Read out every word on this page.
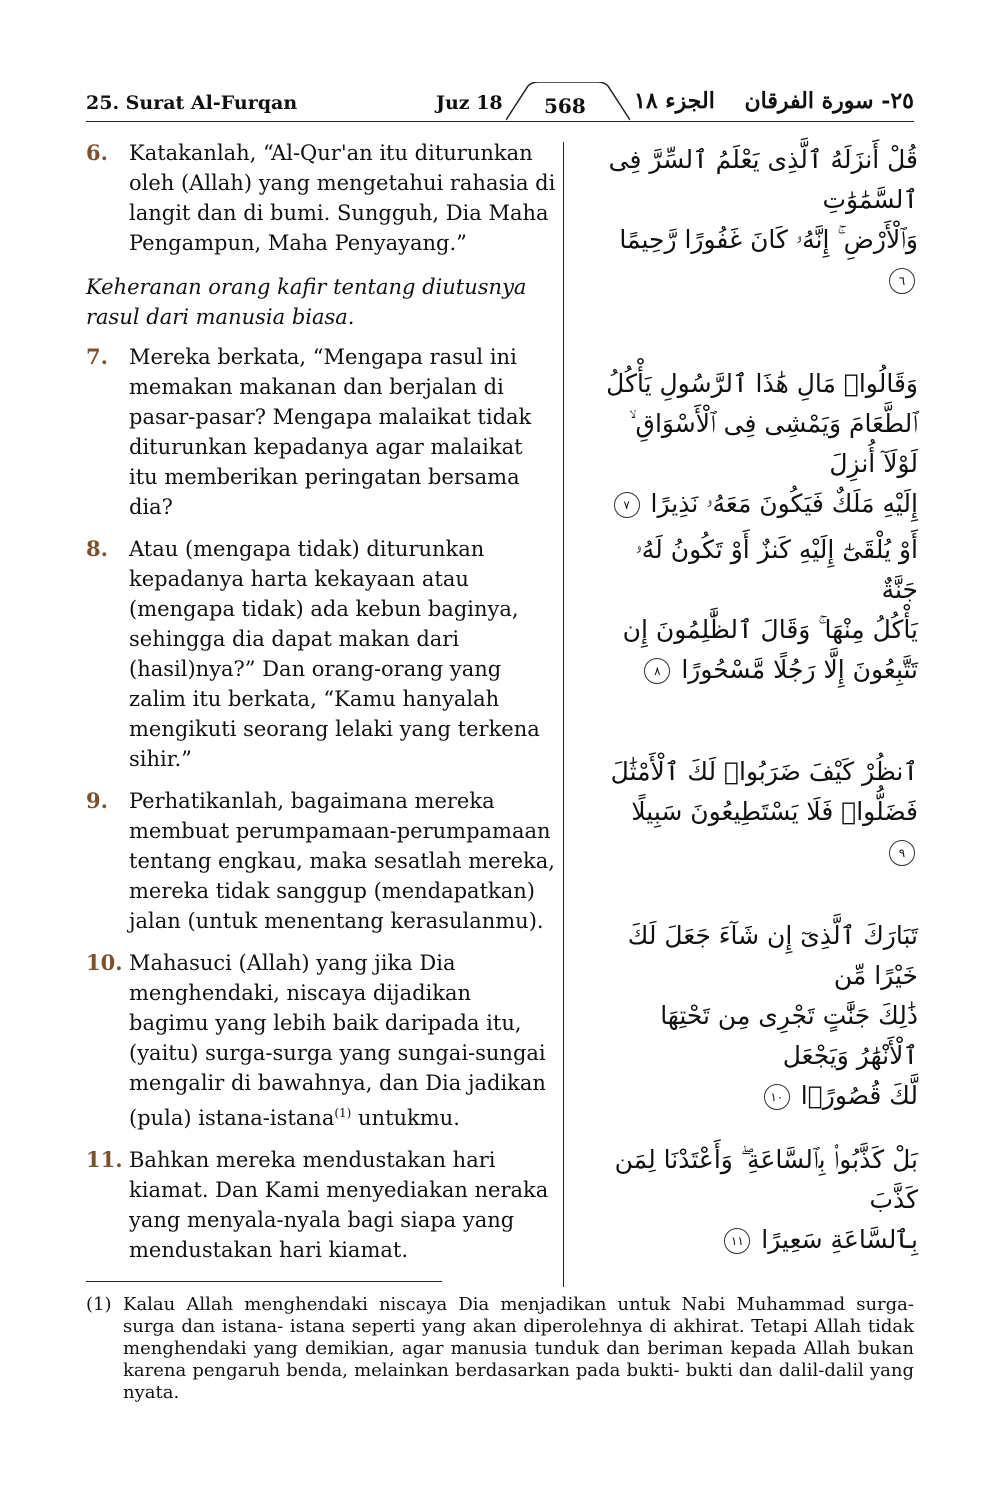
25. Surat Al-Furqan	Juz 18 568 الجزء ١٨ ٢٥- سورة الفرقان
6. Katakanlah, “Al-Qur'an itu diturunkan oleh (Allah) yang mengetahui rahasia di langit dan di bumi. Sungguh, Dia Maha Pengampun, Maha Penyayang.”
Keheranan orang kafir tentang diutusnya rasul dari manusia biasa.
7. Mereka berkata, “Mengapa rasul ini memakan makanan dan berjalan di pasar-pasar? Mengapa malaikat tidak diturunkan kepadanya agar malaikat itu memberikan peringatan bersama dia?
8. Atau (mengapa tidak) diturunkan kepadanya harta kekayaan atau (mengapa tidak) ada kebun baginya, sehingga dia dapat makan dari (hasil)nya?” Dan orang-orang yang zalim itu berkata, “Kamu hanyalah mengikuti seorang lelaki yang terkena sihir.”
9. Perhatikanlah, bagaimana mereka membuat perumpamaan-perumpamaan tentang engkau, maka sesatlah mereka, mereka tidak sanggup (mendapatkan) jalan (untuk menentang kerasulanmu).
10. Mahasuci (Allah) yang jika Dia menghendaki, niscaya dijadikan bagimu yang lebih baik daripada itu, (yaitu) surga-surga yang sungai-sungai mengalir di bawahnya, dan Dia jadikan (pula) istana-istana$^{(1)}$ untukmu.
11. Bahkan mereka mendustakan hari kiamat. Dan Kami menyediakan neraka yang menyala-nyala bagi siapa yang mendustakan hari kiamat.
قُلْ أَنزَلَهُ ٱلَّذِى يَعْلَمُ ٱلسِّرَّ فِى ٱلسَّمَٰوَٰتِ
وَٱلْأَرْضِ ۚ إِنَّهُۥ كَانَ غَفُورًا رَّحِيمًا ٦
وَقَالُوا۟ مَالِ هَٰذَا ٱلرَّسُولِ يَأْكُلُ
ٱلطَّعَامَ وَيَمْشِى فِى ٱلْأَسْوَاقِ ۙ لَوْلَآ أُنزِلَ
إِلَيْهِ مَلَكٌ فَيَكُونَ مَعَهُۥ نَذِيرًا ٧
أَوْ يُلْقَىٰٓ إِلَيْهِ كَنزٌ أَوْ تَكُونُ لَهُۥ جَنَّةٌ
يَأْكُلُ مِنْهَا ۚ وَقَالَ ٱلظَّٰلِمُونَ إِن
تَتَّبِعُونَ إِلَّا رَجُلًا مَّسْحُورًا ٨
ٱنظُرْ كَيْفَ ضَرَبُوا۟ لَكَ ٱلْأَمْثَٰلَ
فَضَلُّوا۟ فَلَا يَسْتَطِيعُونَ سَبِيلًا ٩
تَبَارَكَ ٱلَّذِىٓ إِن شَآءَ جَعَلَ لَكَ خَيْرًا مِّن
ذَٰلِكَ جَنَّٰتٍ تَجْرِى مِن تَحْتِهَا ٱلْأَنْهَٰرُ وَيَجْعَل
لَّكَ قُصُورًۢا ١٠
بَلْ كَذَّبُوا۟ بِٱلسَّاعَةِ ۖ وَأَعْتَدْنَا لِمَن كَذَّبَ
بِٱلسَّاعَةِ سَعِيرًا ١١
(1) Kalau Allah menghendaki niscaya Dia menjadikan untuk Nabi Muhammad surga-surga dan istana- istana seperti yang akan diperolehnya di akhirat. Tetapi Allah tidak menghendaki yang demikian, agar manusia tunduk dan beriman kepada Allah bukan karena pengaruh benda, melainkan berdasarkan pada bukti- bukti dan dalil-dalil yang nyata.
